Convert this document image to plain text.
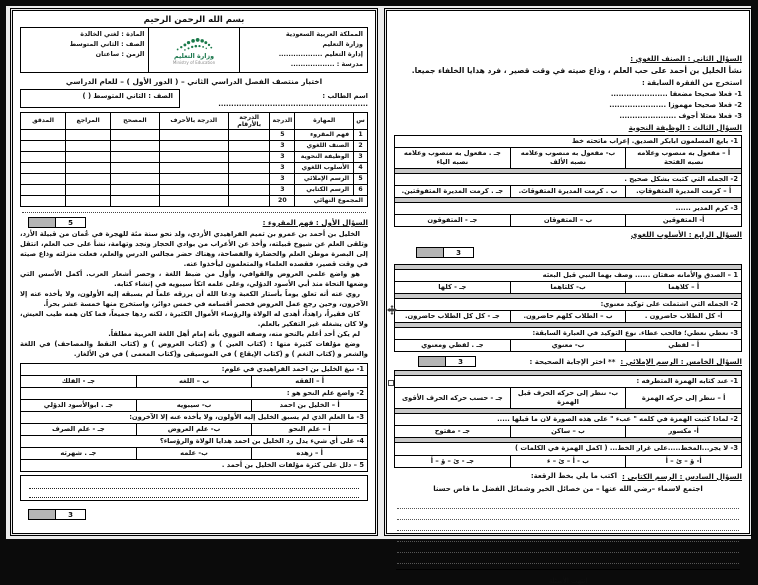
بسم الله الرحمن الرحيم
المملكة العربية السعودية
وزارة التعليم
إدارة التعليم ..................
مدرسة : ..................

وزارة التعليم
Ministry of Education

المادة : لغتي الخالدة
الصف : الثاني المتوسط
الزمن : ساعتان
اختبار منتصف الفصل الدراسي الثاني – ( الدور الأول ) – للعام الدراسي
اسم الطالب : ..........................................................
الصف : الثاني المتوسط ( )
س	المهارة	الدرجة	الدرجة بالأرقام	الدرجة بالأحرف	المصحح	المراجع	المدقق
1	فهم المقروء	5					
2	الصنف اللغوي	3					
3	الوظيفة النحوية	3					
4	الأسلوب اللغوي	3					
5	الرسم الإملائي	3					
6	الرسم الكتابي	3					
المجموع النهائي		20					
السؤال الأول : فهم المقروء :
5

الخليل بن أحمد بن عمرو بن تميم الفراهيدي الأزدي، ولد نحو سنة مئة للهجرة في عُمان من قبيلة الأزد، وتلقى العلم عن شيوخ قبيلته، وأخذ عن الأعراب من بوادي الحجاز ونجد وتهامة، نشأ على حب العلم، انتقل إلى البصرة موطن العلم والحضارة والفصاحة، وهناك حضر مجالس الدرس والعلم، فعلت منزلته وذاع صيته في وقت قصير، فقصده العلماء والمتعلمون ليأخذوا عنه.

هو واضع علمي العروض والقوافي، وأول من ضبط اللغة ، وحصر أشعار العرب. أكمل الأسس التي وضعها النحاة منذ أبي الأسود الدؤلي، وعلى علمه اتكأ سيبويه في إنشاء كتابه.

روي عنه أنه تعلق يوماً بأستار الكعبة ودعا الله أن يرزقه علماً لم يسبقه إليه الأولون، ولا يأخذه عنه إلا الآخرون، وحين رجع عمل العروض فحصر أقسامه في خمس دوائر، واستخرج منها خمسة عشر بحراً.

كان فقيراً، زاهداً، أهدى له الولاة والرؤساء الأموال الكثيرة ، لكنه ردها جميعاً، فما كان همه طيب العيش، ولا كان يشغله غير التفكير بالعلم.

لم يكن أحد أعلم بالنحو منه، وصفه النووي بأنه إمام أهل اللغة العربية مطلقاً.

وضع مؤلفات كثيرة منها : (كتاب العين ) و (كتاب العروض ) و (كتاب النقط والمصاحف) في اللغة والشعر و (كتاب النغم ) و (كتاب الإيقاع ) في الموسيقى و(كتاب المعمى ) في فن الألغاز.

1- نبغ الخليل بن احمد الفراهيدي في علوم:		
أ – الفقه	ب – اللغه	جـ - الفلك
2- واضع علم النحو هو :		
أ – الخليل بن احمد	ب- سيبويه	جـ . ابوالأسود الدؤلي
3- ما العلم الذي لم يسبق الخليل إليه الأولون، ولا يأخذه عنه إلا الآخرون:		
أ – علم النحو	ب- علم العروض	جـ - علم الصرف
4- على أي شيء يدل رد الخليل بن احمد هدايا الولاة والرؤساء؟		
أ – زهده	ب- علمه	جـ . شهرته
5 – دلل على كثرة مؤلفات الخليل بن أحمد .		
3
السؤال الثاني : الصنف اللغوي :
نشأ الخليل بن أحمد على حب العلم ، وذاع صيته في وقت قصير ، فرد هدايا الخلفاء جميعا.
استخرج من الفقرة السابقة :
1- فعلا صحيحا مضعفا ......................
2- فعلا صحيحا مهموزا ......................
3- فعلا معتلا أجوف ......................
السؤال الثالث : الوظيفة النحوية
1- بايع المسلمون ابابكر الصديق. إعراب ماتحته خط		
أ – مفعول به منصوب وعلامه نصبه الفتحة	ب- مفعول به منصوب وعلامه نصبه الألف	جـ . مفعول به منصوب وعلامه نصبه الياء

2- الجمله التي كتبت بشكل صحيح .		
أ – كرمت المديرة المتفوقاتِ.	ب . كرمت المديرة المتفوقاتَ.	جـ . كرمت المديرة المتفوقتين.

3- كرم المدير ......		
أ- المتفوقين	ب – المتفوقان	جـ - المتفوقون
السؤال الرابع : الأسلوب اللغوي
3

1 – الصدق والأمانه صفتان ...... وصف بهما النبي قبل البعثه		
أ – كلاهما	ب- كلتاهما	جـ - كلها

2- الجمله التي اشتملت على توكيد معنوي:		
أ- كل الطلاب حاضرون .	ب – الطلاب كلهم حاضرون.	جـ - كل كل الطلاب حاضرون.

3- نعطي نعطي؛ فالحب عطاء. نوع التوكيد في العبارة السابقة:		
أ – لفظي	ب- معنوي	جـ . لفظي ومعنوي
السؤال الخامس : الرسم الإملائي :
** اختر الإجابة الصحيحة :
3

1- عند كتابه الهمزة المتطرفه :		
أ – ننظر إلى حركه الهمزة	ب- ننظر إلى حركه الحرف قبل الهمزة	جـ - حسب حركه الحرف الأقوى

2- لماذا كتبت الهمزة في كلمه " عبء " على هذه الصورة لان ما قبلها .....		
أ- مكسور	ب – ساكن	جـ - مفتوح

3- لا يجر...المخط.....على غرار الخط... ( اكمل الهمزة في الكلمات )		
أ- ؤ – ئ – أ	ب - أ – ئ – ء	جـ - ئ – ؤ – أ
السؤال السادس : الرسم الكتابي :
اكتب ما يلي بخط الرقعة:
اجتمع لاسماء –رضي الله عنها – من خصائل الخير وشمائل الفضل ما فاض حسنا
انتهت الأسئلة
